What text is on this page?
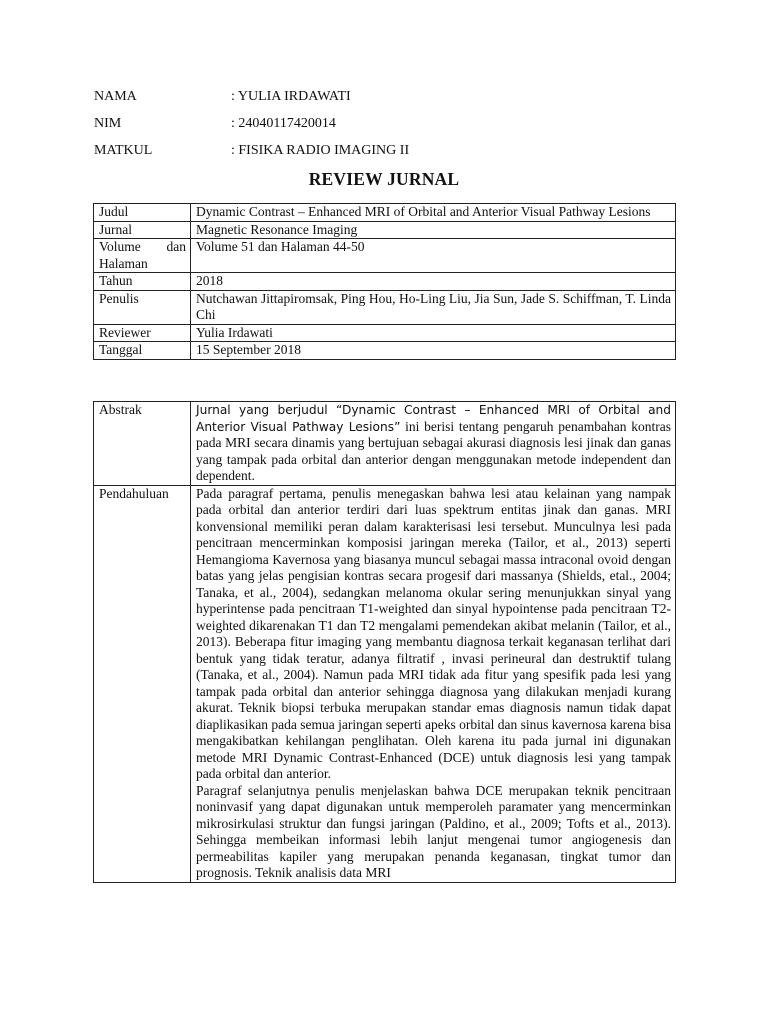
NAMA	: YULIA IRDAWATI
NIM	: 24040117420014
MATKUL	: FISIKA RADIO IMAGING II
REVIEW JURNAL
Judul	Dynamic Contrast – Enhanced MRI of Orbital and Anterior Visual Pathway Lesions
Jurnal	Magnetic Resonance Imaging
Volume dan Halaman	Volume 51 dan Halaman 44-50
Tahun	2018
Penulis	Nutchawan Jittapiromsak, Ping Hou, Ho-Ling Liu, Jia Sun, Jade S. Schiffman, T. Linda Chi
Reviewer	Yulia Irdawati
Tanggal	15 September 2018
Abstrak	Jurnal yang berjudul “Dynamic Contrast – Enhanced MRI of Orbital and Anterior Visual Pathway Lesions” ini berisi tentang pengaruh penambahan kontras pada MRI secara dinamis yang bertujuan sebagai akurasi diagnosis lesi jinak dan ganas yang tampak pada orbital dan anterior dengan menggunakan metode independent dan dependent.
Pendahuluan	Pada paragraf pertama, penulis menegaskan bahwa lesi atau kelainan yang nampak pada orbital dan anterior terdiri dari luas spektrum entitas jinak dan ganas. MRI konvensional memiliki peran dalam karakterisasi lesi tersebut. Munculnya lesi pada pencitraan mencerminkan komposisi jaringan mereka (Tailor, et al., 2013) seperti Hemangioma Kavernosa yang biasanya muncul sebagai massa intraconal ovoid dengan batas yang jelas pengisian kontras secara progesif dari massanya (Shields, etal., 2004; Tanaka, et al., 2004), sedangkan melanoma okular sering menunjukkan sinyal yang hyperintense pada pencitraan T1-weighted dan sinyal hypointense pada pencitraan T2-weighted dikarenakan T1 dan T2 mengalami pemendekan akibat melanin (Tailor, et al., 2013). Beberapa fitur imaging yang membantu diagnosa terkait keganasan terlihat dari bentuk yang tidak teratur, adanya filtratif , invasi perineural dan destruktif tulang (Tanaka, et al., 2004). Namun pada MRI tidak ada fitur yang spesifik pada lesi yang tampak pada orbital dan anterior sehingga diagnosa yang dilakukan menjadi kurang akurat. Teknik biopsi terbuka merupakan standar emas diagnosis namun tidak dapat diaplikasikan pada semua jaringan seperti apeks orbital dan sinus kavernosa karena bisa mengakibatkan kehilangan penglihatan. Oleh karena itu pada jurnal ini digunakan metode MRI Dynamic Contrast-Enhanced (DCE) untuk diagnosis lesi yang tampak pada orbital dan anterior.
Paragraf selanjutnya penulis menjelaskan bahwa DCE merupakan teknik pencitraan noninvasif yang dapat digunakan untuk memperoleh paramater yang mencerminkan mikrosirkulasi struktur dan fungsi jaringan (Paldino, et al., 2009; Tofts et al., 2013). Sehingga membeikan informasi lebih lanjut mengenai tumor angiogenesis dan permeabilitas kapiler yang merupakan penanda keganasan, tingkat tumor dan prognosis. Teknik analisis data MRI
